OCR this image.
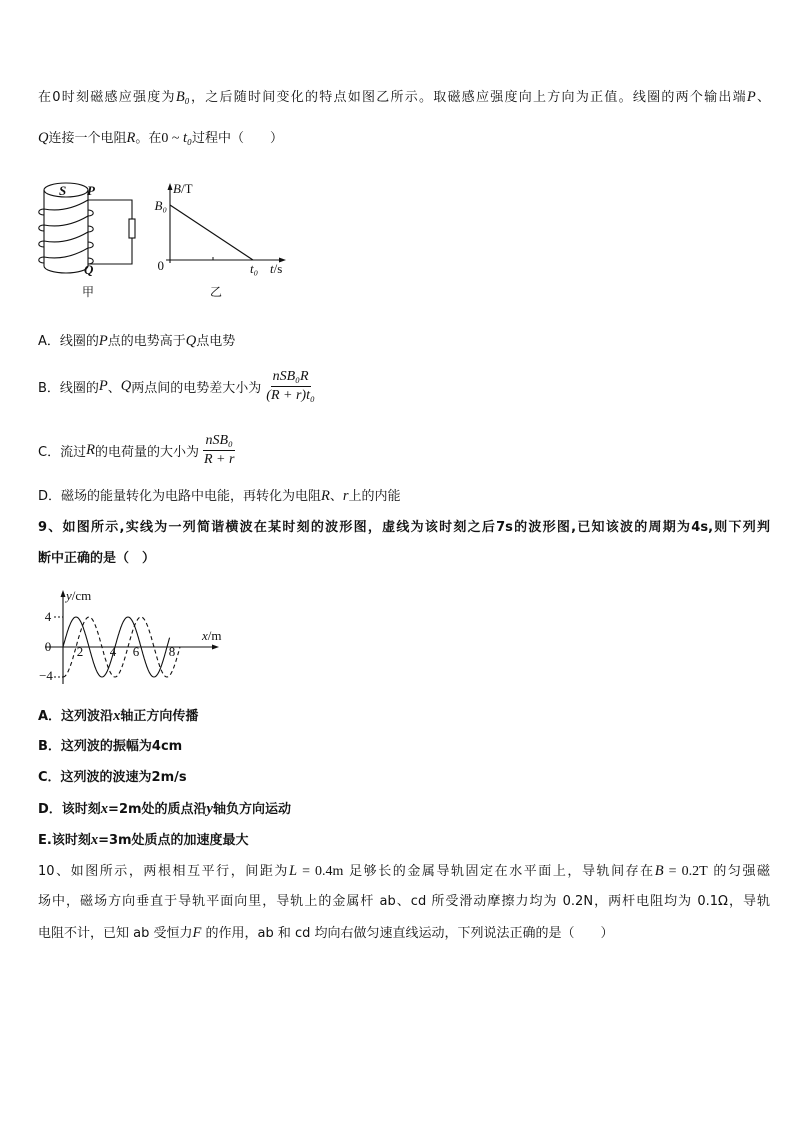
在0时刻磁感应强度为B₀，之后随时间变化的特点如图乙所示。取磁感应强度向上方向为正值。线圈的两个输出端P、
Q连接一个电阻R。在0 ~ t₀过程中（　　）
S P
Q
甲
B/T
B₀
0	t₀ t/s
乙
A．线圈的P点的电势高于Q点电势
B．线圈的 P 、 Q 两点间的电势差大小为 $\frac{\text{nSB₀R}}{\text{(R + r)t₀}}$
C．流过 R 的电荷量的大小为 $\frac{\text{nSB₀}}{R + r}$
D．磁场的能量转化为电路中电能，再转化为电阻R、r上的内能
9、如图所示,实线为一列简谐横波在某时刻的波形图，虚线为该时刻之后7s的波形图,已知该波的周期为4s,则下列判
断中正确的是（　）
y/cm
4
0
−4
x/m
2 4 6 8
A．这列波沿x轴正方向传播
B．这列波的振幅为4cm
C．这列波的波速为2m/s
D．该时刻x=2m处的质点沿y轴负方向运动
E.该时刻x=3m处质点的加速度最大
10、如图所示，两根相互平行，间距为L = 0.4m 足够长的金属导轨固定在水平面上，导轨间存在B = 0.2T 的匀强磁
场中，磁场方向垂直于导轨平面向里，导轨上的金属杆 ab、cd 所受滑动摩擦力均为 0.2N，两杆电阻均为 0.1Ω，导轨
电阻不计，已知 ab 受恒力F 的作用，ab 和 cd 均向右做匀速直线运动，下列说法正确的是（　　）
